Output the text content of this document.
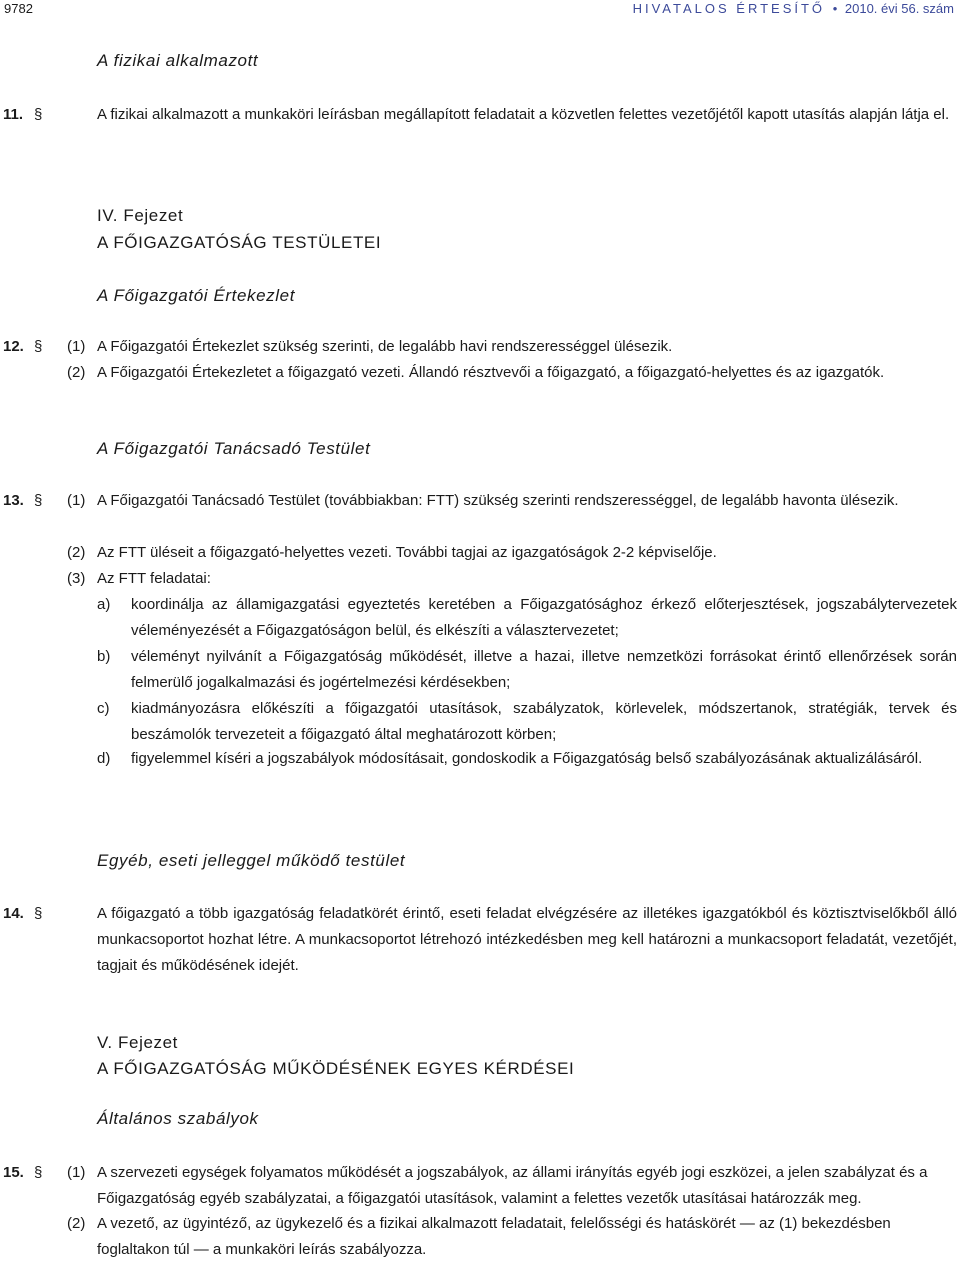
9782	HIVATALOS ÉRTESÍTŐ • 2010. évi 56. szám
A fizikai alkalmazott
11. §	A fizikai alkalmazott a munkaköri leírásban megállapított feladatait a közvetlen felettes vezetőjétől kapott utasítás alapján látja el.
IV. Fejezet
A FŐIGAZGATÓSÁG TESTÜLETEI
A Főigazgatói Értekezlet
12. § (1) A Főigazgatói Értekezlet szükség szerinti, de legalább havi rendszerességgel ülésezik.
(2) A Főigazgatói Értekezletet a főigazgató vezeti. Állandó résztvevői a főigazgató, a főigazgató-helyettes és az igazgatók.
A Főigazgatói Tanácsadó Testület
13. § (1) A Főigazgatói Tanácsadó Testület (továbbiakban: FTT) szükség szerinti rendszerességgel, de legalább havonta ülésezik.
(2) Az FTT üléseit a főigazgató-helyettes vezeti. További tagjai az igazgatóságok 2-2 képviselője.
(3) Az FTT feladatai:
a) koordinálja az államigazgatási egyeztetés keretében a Főigazgatósághoz érkező előterjesztések, jogszabálytervezetek véleményezését a Főigazgatóságon belül, és elkészíti a választervezetet;
b) véleményt nyilvánít a Főigazgatóság működését, illetve a hazai, illetve nemzetközi forrásokat érintő ellenőrzések során felmerülő jogalkalmazási és jogértelmezési kérdésekben;
c) kiadmányozásra előkészíti a főigazgatói utasítások, szabályzatok, körlevelek, módszertanok, stratégiák, tervek és beszámolók tervezeteit a főigazgató által meghatározott körben;
d) figyelemmel kíséri a jogszabályok módosításait, gondoskodik a Főigazgatóság belső szabályozásának aktualizálásáról.
Egyéb, eseti jelleggel működő testület
14. §	A főigazgató a több igazgatóság feladatkörét érintő, eseti feladat elvégzésére az illetékes igazgatókból és köztisztviselőkből álló munkacsoportot hozhat létre. A munkacsoportot létrehozó intézkedésben meg kell határozni a munkacsoport feladatát, vezetőjét, tagjait és működésének idejét.
V. Fejezet
A FŐIGAZGATÓSÁG MŰKÖDÉSÉNEK EGYES KÉRDÉSEI
Általános szabályok
15. § (1) A szervezeti egységek folyamatos működését a jogszabályok, az állami irányítás egyéb jogi eszközei, a jelen szabályzat és a Főigazgatóság egyéb szabályzatai, a főigazgatói utasítások, valamint a felettes vezetők utasításai határozzák meg.
(2) A vezető, az ügyintéző, az ügykezelő és a fizikai alkalmazott feladatait, felelősségi és hatáskörét — az (1) bekezdésben foglaltakon túl — a munkaköri leírás szabályozza.
